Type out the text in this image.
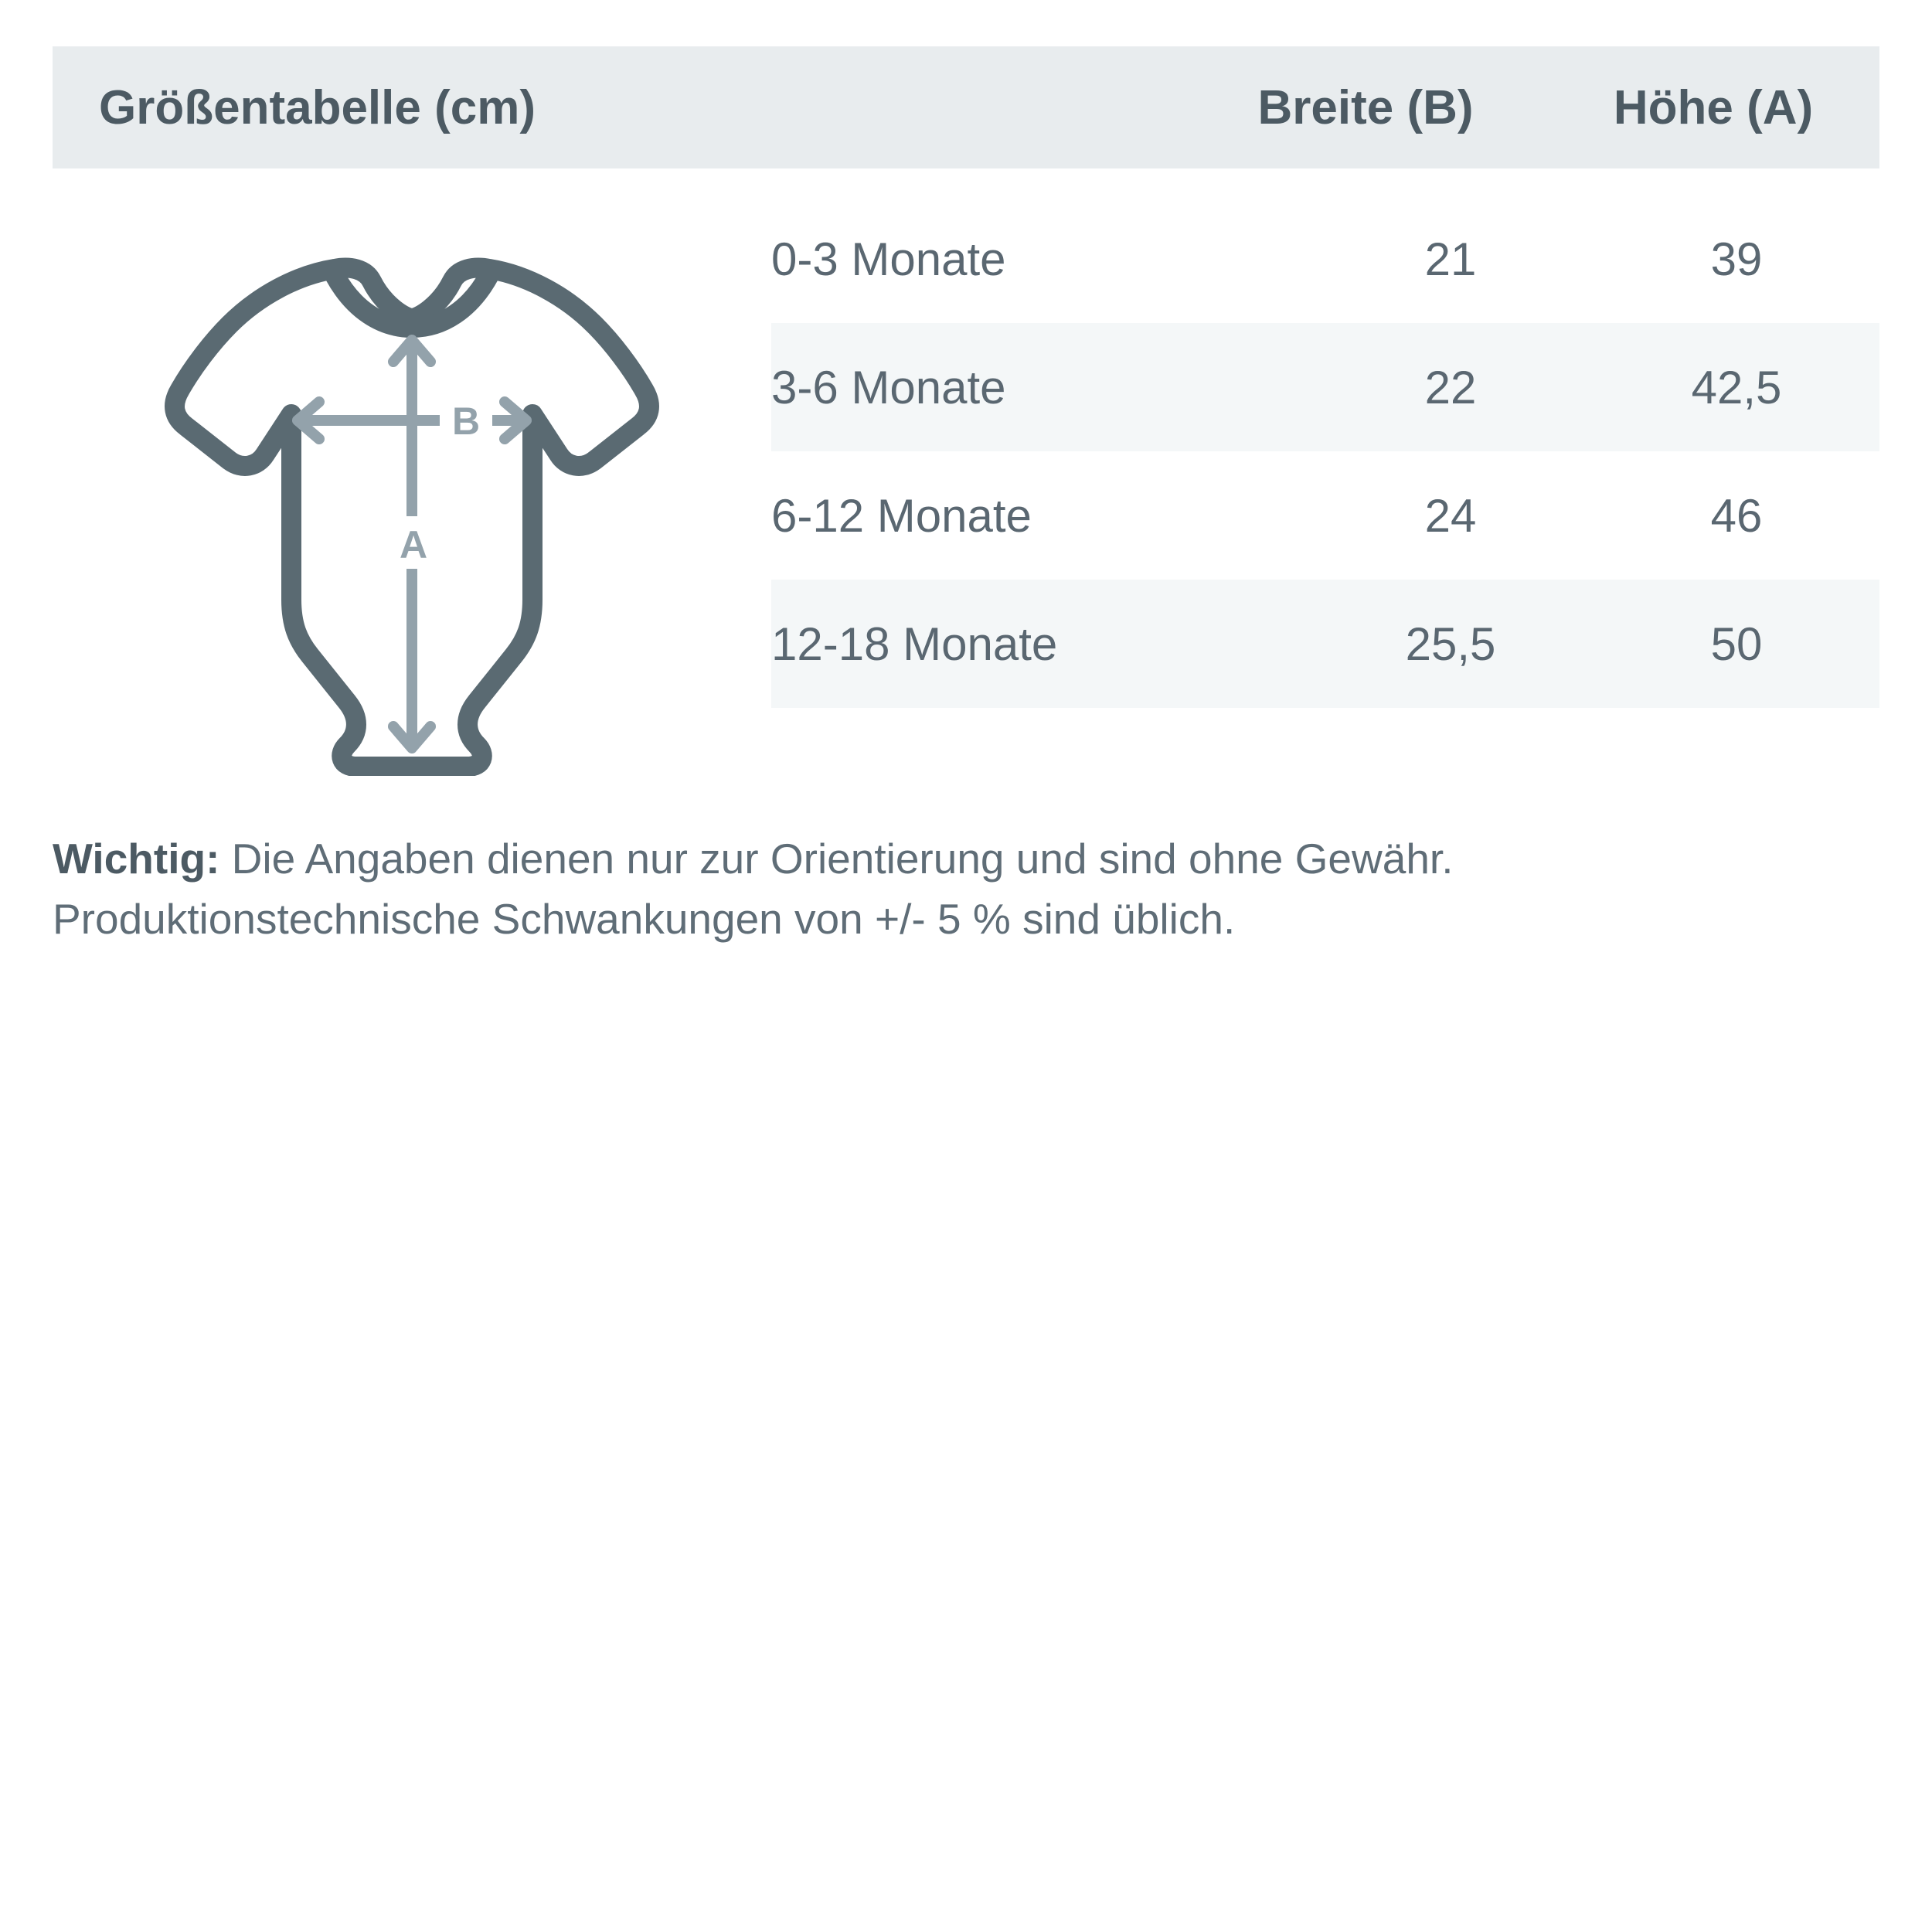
Größentabelle (cm)	Breite (B)	Höhe (A)
B
A
0-3 Monate	21	39
3-6 Monate	22	42,5
6-12 Monate	24	46
12-18 Monate	25,5	50
Wichtig: Die Angaben dienen nur zur Orientierung und sind ohne Gewähr. Produktionstechnische Schwankungen von +/- 5 % sind üblich.
